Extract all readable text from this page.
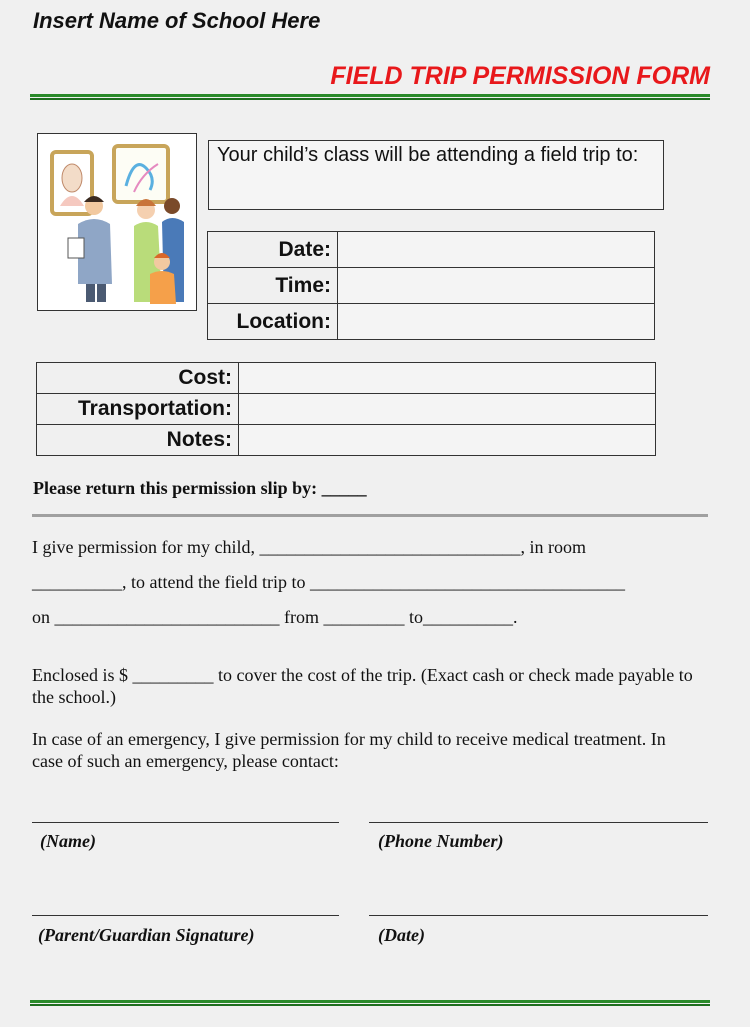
Insert Name of School Here
FIELD TRIP PERMISSION FORM
Your child’s class will be attending a field trip to:
Date:	
Time:	
Location:	
Cost:	
Transportation:	
Notes:	
Please return this permission slip by: _____
I give permission for my child, _____________________________, in room
__________, to attend the field trip to ___________________________________
on _________________________ from _________ to__________.
Enclosed is $ _________ to cover the cost of the trip. (Exact cash or check made payable to the school.)
In case of an emergency, I give permission for my child to receive medical treatment. In case of such an emergency, please contact:
(Name)	(Phone Number)
(Parent/Guardian Signature)	(Date)
